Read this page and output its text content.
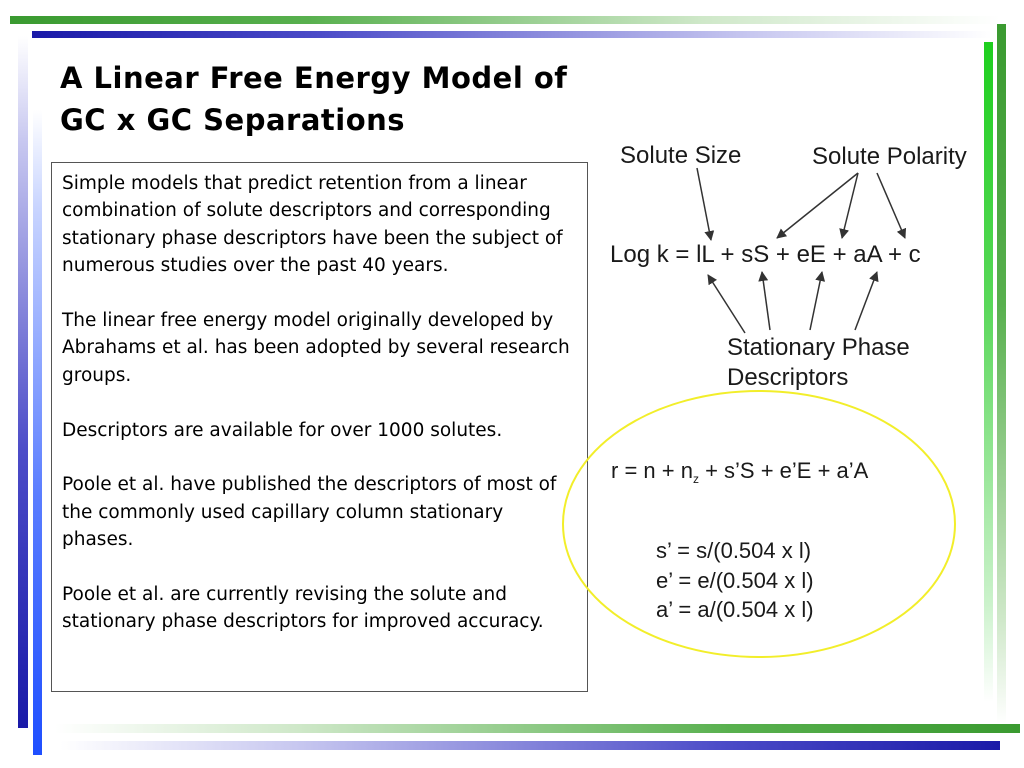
A Linear Free Energy Model of
GC x GC Separations

Simple models that predict retention from a linear combination of solute descriptors and corresponding stationary phase descriptors have been the subject of numerous studies over the past 40 years.

The linear free energy model originally developed by Abrahams et al. has been adopted by several research groups.

Descriptors are available for over 1000 solutes.

Poole et al. have published the descriptors of most of the commonly used capillary column stationary phases.

Poole et al. are currently revising the solute and stationary phase descriptors for improved accuracy.

Solute Size	Solute Polarity
Log k = lL + sS + eE + aA + c
Stationary Phase
Descriptors
$r = n + n_z$ + s’S + e’E + a’A
s’ = s/(0.504 x l)
e’ = e/(0.504 x l)
a’ = a/(0.504 x l)
